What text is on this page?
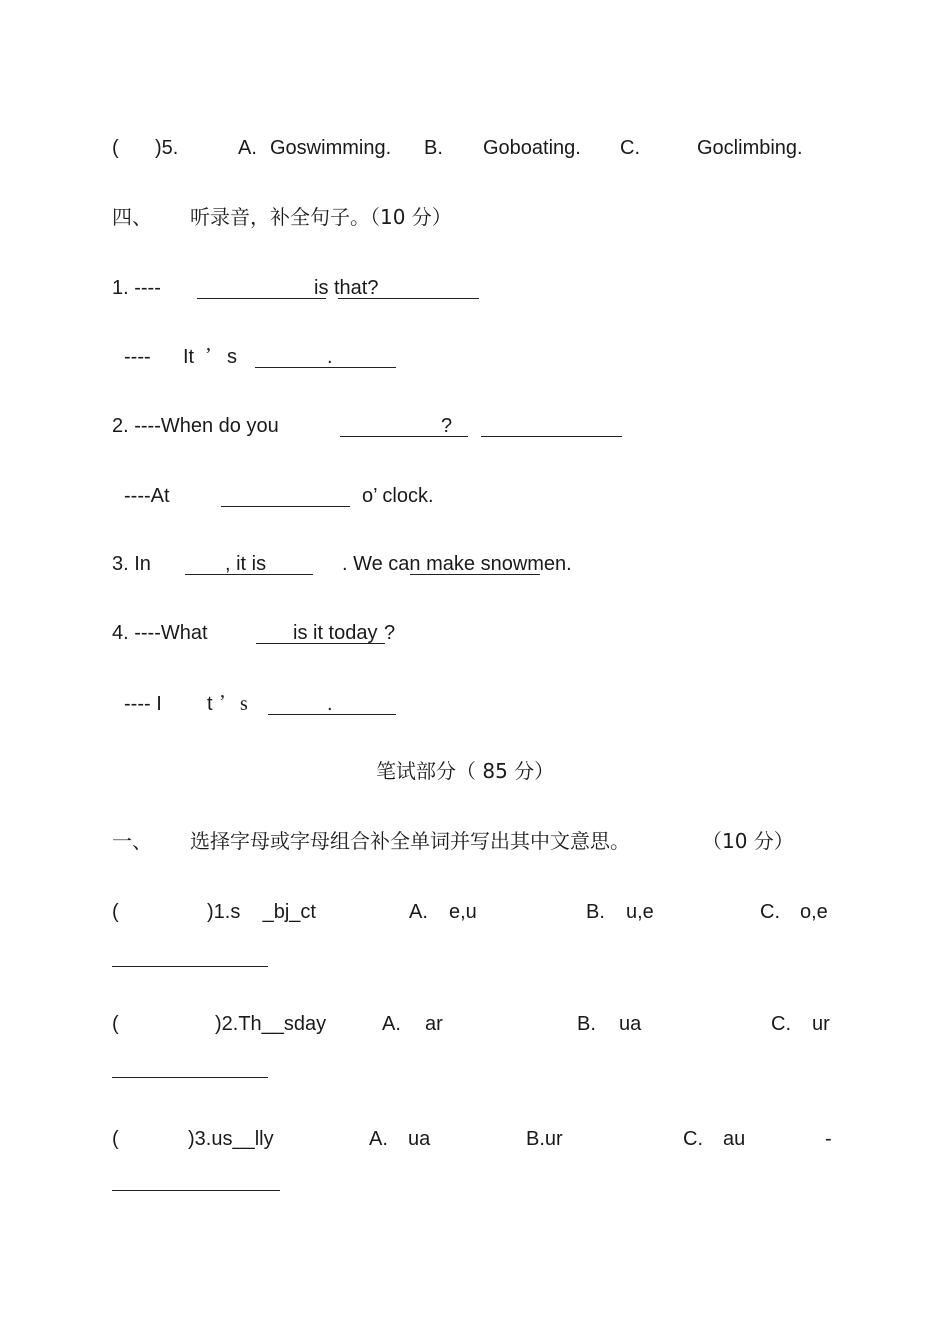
( )5.	A. Goswimming. B. Goboating. C.	Goclimbing.
四、 听录音，补全句子。（10 分）
1. ----	is that?
---- It ’ s	.
2. ----When do you	?
----At	o’ clock.
3. In	, it is	. We can make snowmen.
4. ----What	is it today ?
---- I t ’ s	.
笔试部分（ 85 分）
一、 选择字母或字母组合补全单词并写出其中文意思。	（10 分）
(	)1.s    _bj_ct	A. e,u	B. u,e	C. o,e
(	)2.Th__sday	A. ar	B. ua	C. ur
(	)3.us__lly	A. ua	B.ur	C. au	-
